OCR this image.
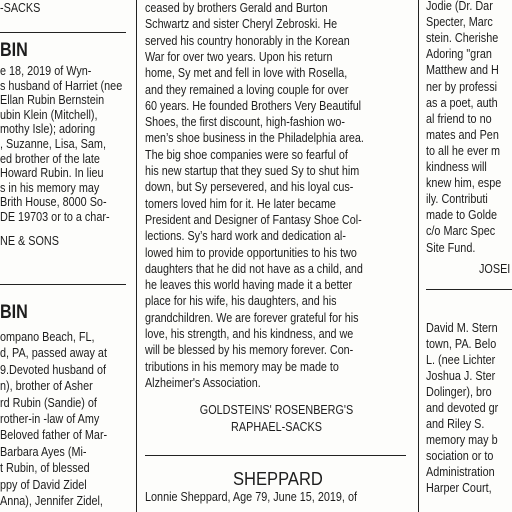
-SACKS
BIN
e 18, 2019 of Wyn-
s husband of Harriet (nee
Ellan Rubin Bernstein
ubin Klein (Mitchell),
mothy Isle); adoring
, Suzanne, Lisa, Sam,
ed brother of the late
Howard Rubin. In lieu
s in his memory may
Brith House, 8000 So-
DE 19703 or to a char-
NE & SONS
BIN
ompano Beach, FL,
d, PA, passed away at
9.Devoted husband of
n), brother of Asher
rd Rubin (Sandie) of
rother-in -law of Amy
Beloved father of Mar-
Barbara Ayes (Mi-
t Rubin, of blessed
ppy of David Zidel
Anna), Jennifer Zidel,
ceased by brothers Gerald and Burton
Schwartz and sister Cheryl Zebroski. He
served his country honorably in the Korean
War for over two years. Upon his return
home, Sy met and fell in love with Rosella,
and they remained a loving couple for over
60 years. He founded Brothers Very Beautiful
Shoes, the first discount, high-fashion wo-
men’s shoe business in the Philadelphia area.
The big shoe companies were so fearful of
his new startup that they sued Sy to shut him
down, but Sy persevered, and his loyal cus-
tomers loved him for it. He later became
President and Designer of Fantasy Shoe Col-
lections. Sy’s hard work and dedication al-
lowed him to provide opportunities to his two
daughters that he did not have as a child, and
he leaves this world having made it a better
place for his wife, his daughters, and his
grandchildren. We are forever grateful for his
love, his strength, and his kindness, and we
will be blessed by his memory forever. Con-
tributions in his memory may be made to
Alzheimer's Association.
GOLDSTEINS' ROSENBERG'S
RAPHAEL-SACKS
SHEPPARD
Lonnie Sheppard, Age 79, June 15, 2019, of
Jodie (Dr. Dar
Specter, Marc
stein. Cherishe
Adoring "gran
Matthew and H
ner by professi
as a poet, auth
al friend to no
mates and Pen
to all he ever m
kindness will
knew him, espe
ily. Contributi
made to Golde
c/o Marc Spec
Site Fund.
JOSEI
David M. Stern
town, PA. Belo
L. (nee Lichter
Joshua J. Ster
Dolinger), bro
and devoted gr
and Riley S.
memory may b
sociation or to
Administration
Harper Court,
